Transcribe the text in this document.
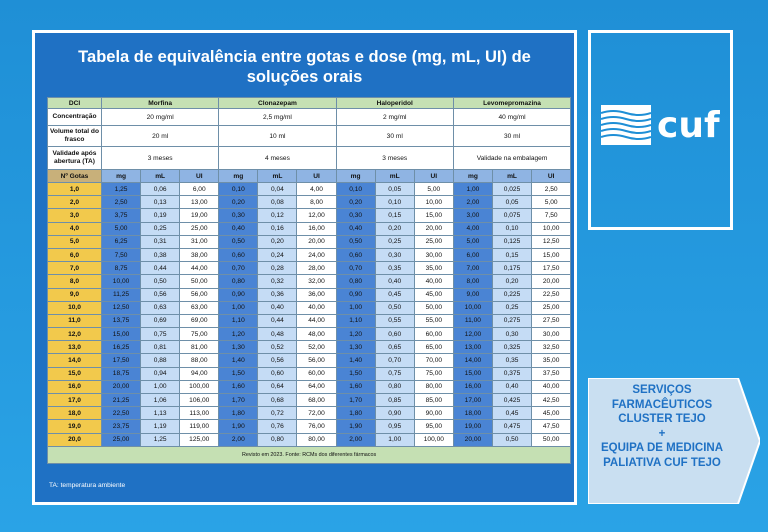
Tabela de equivalência entre gotas e dose (mg, mL, UI) de
soluções orais
DCI	Morfina			Clonazepam			Haloperidol			Levomepromazina		
Concentração	20 mg/ml			2,5 mg/ml			2 mg/ml			40 mg/ml		
Volume total do frasco	20 ml			10 ml			30 ml			30 ml		
Validade após abertura (TA)	3 meses			4 meses			3 meses			Validade na embalagem		
Nº Gotas	mg	mL	UI	mg	mL	UI	mg	mL	UI	mg	mL	UI
1,0	1,25	0,06	6,00	0,10	0,04	4,00	0,10	0,05	5,00	1,00	0,025	2,50
2,0	2,50	0,13	13,00	0,20	0,08	8,00	0,20	0,10	10,00	2,00	0,05	5,00
3,0	3,75	0,19	19,00	0,30	0,12	12,00	0,30	0,15	15,00	3,00	0,075	7,50
4,0	5,00	0,25	25,00	0,40	0,16	16,00	0,40	0,20	20,00	4,00	0,10	10,00
5,0	6,25	0,31	31,00	0,50	0,20	20,00	0,50	0,25	25,00	5,00	0,125	12,50
6,0	7,50	0,38	38,00	0,60	0,24	24,00	0,60	0,30	30,00	6,00	0,15	15,00
7,0	8,75	0,44	44,00	0,70	0,28	28,00	0,70	0,35	35,00	7,00	0,175	17,50
8,0	10,00	0,50	50,00	0,80	0,32	32,00	0,80	0,40	40,00	8,00	0,20	20,00
9,0	11,25	0,56	56,00	0,90	0,36	36,00	0,90	0,45	45,00	9,00	0,225	22,50
10,0	12,50	0,63	63,00	1,00	0,40	40,00	1,00	0,50	50,00	10,00	0,25	25,00
11,0	13,75	0,69	69,00	1,10	0,44	44,00	1,10	0,55	55,00	11,00	0,275	27,50
12,0	15,00	0,75	75,00	1,20	0,48	48,00	1,20	0,60	60,00	12,00	0,30	30,00
13,0	16,25	0,81	81,00	1,30	0,52	52,00	1,30	0,65	65,00	13,00	0,325	32,50
14,0	17,50	0,88	88,00	1,40	0,56	56,00	1,40	0,70	70,00	14,00	0,35	35,00
15,0	18,75	0,94	94,00	1,50	0,60	60,00	1,50	0,75	75,00	15,00	0,375	37,50
16,0	20,00	1,00	100,00	1,60	0,64	64,00	1,60	0,80	80,00	16,00	0,40	40,00
17,0	21,25	1,06	106,00	1,70	0,68	68,00	1,70	0,85	85,00	17,00	0,425	42,50
18,0	22,50	1,13	113,00	1,80	0,72	72,00	1,80	0,90	90,00	18,00	0,45	45,00
19,0	23,75	1,19	119,00	1,90	0,76	76,00	1,90	0,95	95,00	19,00	0,475	47,50
20,0	25,00	1,25	125,00	2,00	0,80	80,00	2,00	1,00	100,00	20,00	0,50	50,00
Revisto em 2023. Fonte: RCMs dos diferentes fármacos												
TA: temperatura ambiente
cuf
SERVIÇOS
FARMACÊUTICOS
CLUSTER TEJO
+
EQUIPA DE MEDICINA
PALIATIVA CUF TEJO
